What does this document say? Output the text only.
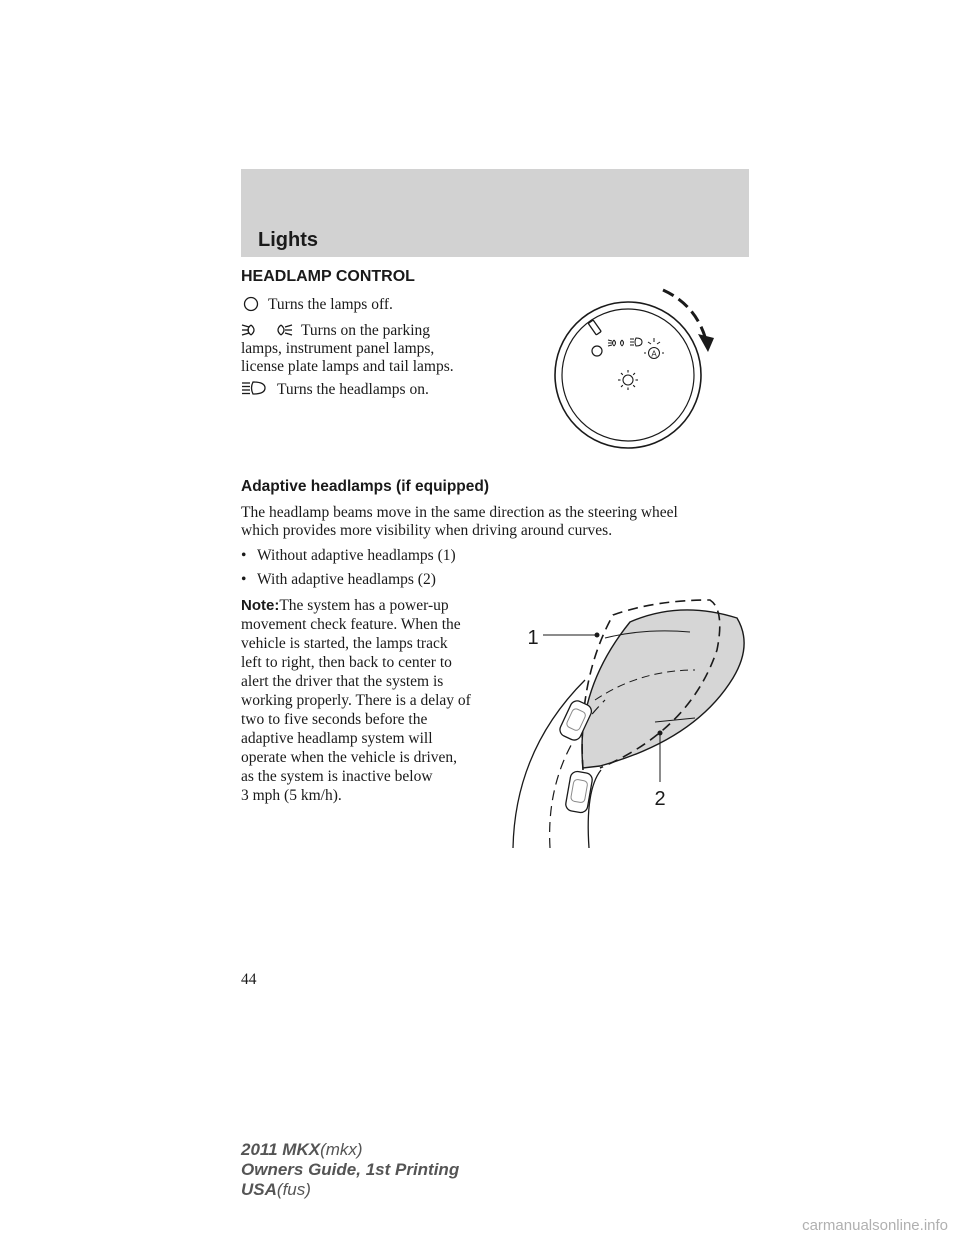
Lights
HEADLAMP CONTROL
Turns the lamps off.
Turns on the parking
lamps, instrument panel lamps,
license plate lamps and tail lamps.
Turns the headlamps on.
A
Adaptive headlamps (if equipped)
The headlamp beams move in the same direction as the steering wheel
which provides more visibility when driving around curves.
• Without adaptive headlamps (1)
• With adaptive headlamps (2)
Note:The system has a power-up
movement check feature. When the
vehicle is started, the lamps track
left to right, then back to center to
alert the driver that the system is
working properly. There is a delay of
two to five seconds before the
adaptive headlamp system will
operate when the vehicle is driven,
as the system is inactive below
3 mph (5 km/h).
1
2
44
2011 MKX(mkx)
Owners Guide, 1st Printing
USA(fus)
carmanualsonline.info
